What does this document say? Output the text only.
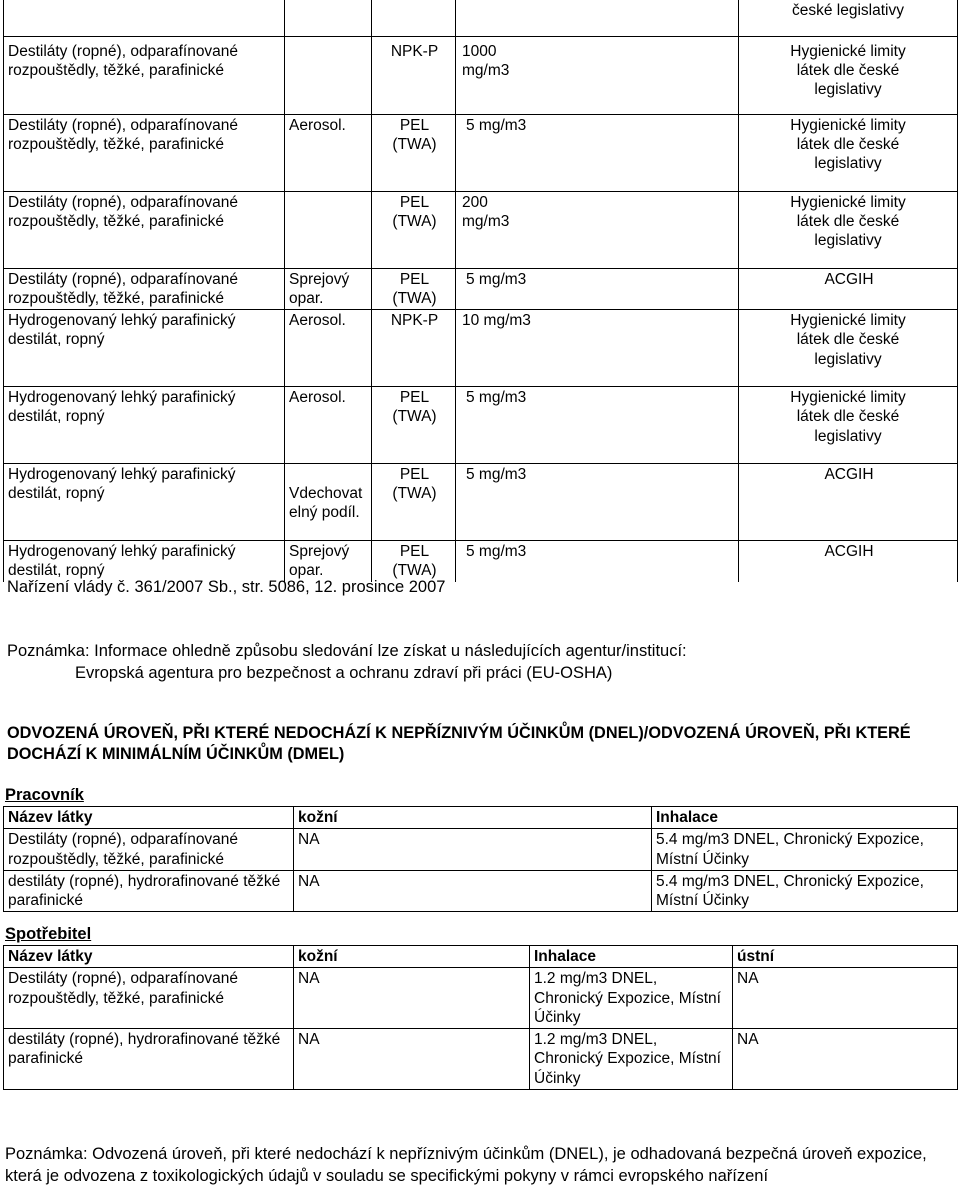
				české legislativy
Destiláty (ropné), odparafínované rozpouštědly, těžké, parafinické		NPK-P	1000 mg/m3	Hygienické limity látek dle české legislativy
Destiláty (ropné), odparafínované rozpouštědly, těžké, parafinické	Aerosol.	PEL (TWA)	5 mg/m3	Hygienické limity látek dle české legislativy
Destiláty (ropné), odparafínované rozpouštědly, těžké, parafinické		PEL (TWA)	200 mg/m3	Hygienické limity látek dle české legislativy
Destiláty (ropné), odparafínované rozpouštědly, těžké, parafinické	Sprejový opar.	PEL (TWA)	5 mg/m3	ACGIH
Hydrogenovaný lehký parafinický destilát, ropný	Aerosol.	NPK-P	10 mg/m3	Hygienické limity látek dle české legislativy
Hydrogenovaný lehký parafinický destilát, ropný	Aerosol.	PEL (TWA)	5 mg/m3	Hygienické limity látek dle české legislativy
Hydrogenovaný lehký parafinický destilát, ropný	Vdechovatelný podíl.	PEL (TWA)	5 mg/m3	ACGIH
Hydrogenovaný lehký parafinický destilát, ropný	Sprejový opar.	PEL (TWA)	5 mg/m3	ACGIH
Nařízení vlády č. 361/2007 Sb., str. 5086, 12. prosince 2007
Poznámka: Informace ohledně způsobu sledování lze získat u následujících agentur/institucí:
Evropská agentura pro bezpečnost a ochranu zdraví při práci (EU-OSHA)
ODVOZENÁ ÚROVEŇ, PŘI KTERÉ NEDOCHÁZÍ K NEPŘÍZNIVÝM ÚČINKŮM (DNEL)/ODVOZENÁ ÚROVEŇ, PŘI KTERÉ DOCHÁZÍ K MINIMÁLNÍM ÚČINKŮM (DMEL)
Pracovník
Název látky	kožní	Inhalace
Destiláty (ropné), odparafínované rozpouštědly, těžké, parafinické	NA	5.4 mg/m3 DNEL, Chronický Expozice, Místní Účinky
destiláty (ropné), hydrorafinované těžké parafinické	NA	5.4 mg/m3 DNEL, Chronický Expozice, Místní Účinky
Spotřebitel
Název látky	kožní	Inhalace	ústní
Destiláty (ropné), odparafínované rozpouštědly, těžké, parafinické	NA	1.2 mg/m3 DNEL, Chronický Expozice, Místní Účinky	NA
destiláty (ropné), hydrorafinované těžké parafinické	NA	1.2 mg/m3 DNEL, Chronický Expozice, Místní Účinky	NA
Poznámka: Odvozená úroveň, při které nedochází k nepříznivým účinkům (DNEL), je odhadovaná bezpečná úroveň expozice, která je odvozena z toxikologických údajů v souladu se specifickými pokyny v rámci evropského nařízení
